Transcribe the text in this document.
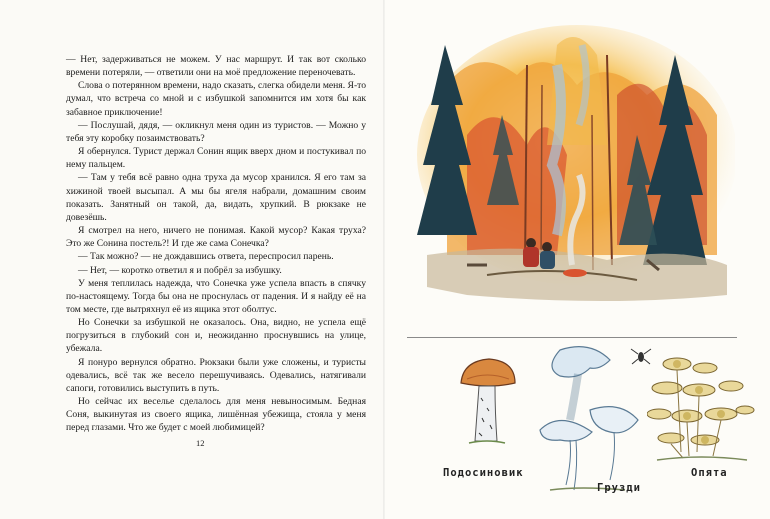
— Нет, задерживаться не можем. У нас маршрут. И так вот сколько времени потеряли, — ответили они на моё предложение переночевать.

Слова о потерянном времени, надо сказать, слегка обидели меня. Я-то думал, что встреча со мной и с избушкой запомнится им хотя бы как забавное приключение!

— Послушай, дядя, — окликнул меня один из туристов. — Можно у тебя эту коробку позаимствовать?

Я обернулся. Турист держал Сонин ящик вверх дном и постукивал по нему пальцем.

— Там у тебя всё равно одна труха да мусор хранился. Я его там за хижиной твоей высыпал. А мы бы ягеля набрали, домашним своим показать. Занятный он такой, да, видать, хрупкий. В рюкзаке не довезёшь.

Я смотрел на него, ничего не понимая. Какой мусор? Какая труха? Это же Сонина постель?! И где же сама Сонечка?

— Так можно? — не дождавшись ответа, переспросил парень.

— Нет, — коротко ответил я и побрёл за избушку.

У меня теплилась надежда, что Сонечка уже успела впасть в спячку по-настоящему. Тогда бы она не проснулась от падения. И я найду её на том месте, где вытряхнул её из ящика этот оболтус.

Но Сонечки за избушкой не оказалось. Она, видно, не успела ещё погрузиться в глубокий сон и, неожиданно проснувшись на улице, убежала.

Я понуро вернулся обратно. Рюкзаки были уже сложены, и туристы одевались, всё так же весело перешучиваясь. Одевались, натягивали сапоги, готовились выступить в путь.

Но сейчас их веселье сделалось для меня невыносимым. Бедная Соня, выкинутая из своего ящика, лишённая убежища, стояла у меня перед глазами. Что же будет с моей любимицей?

12
Подосиновик
Грузди
Опята
